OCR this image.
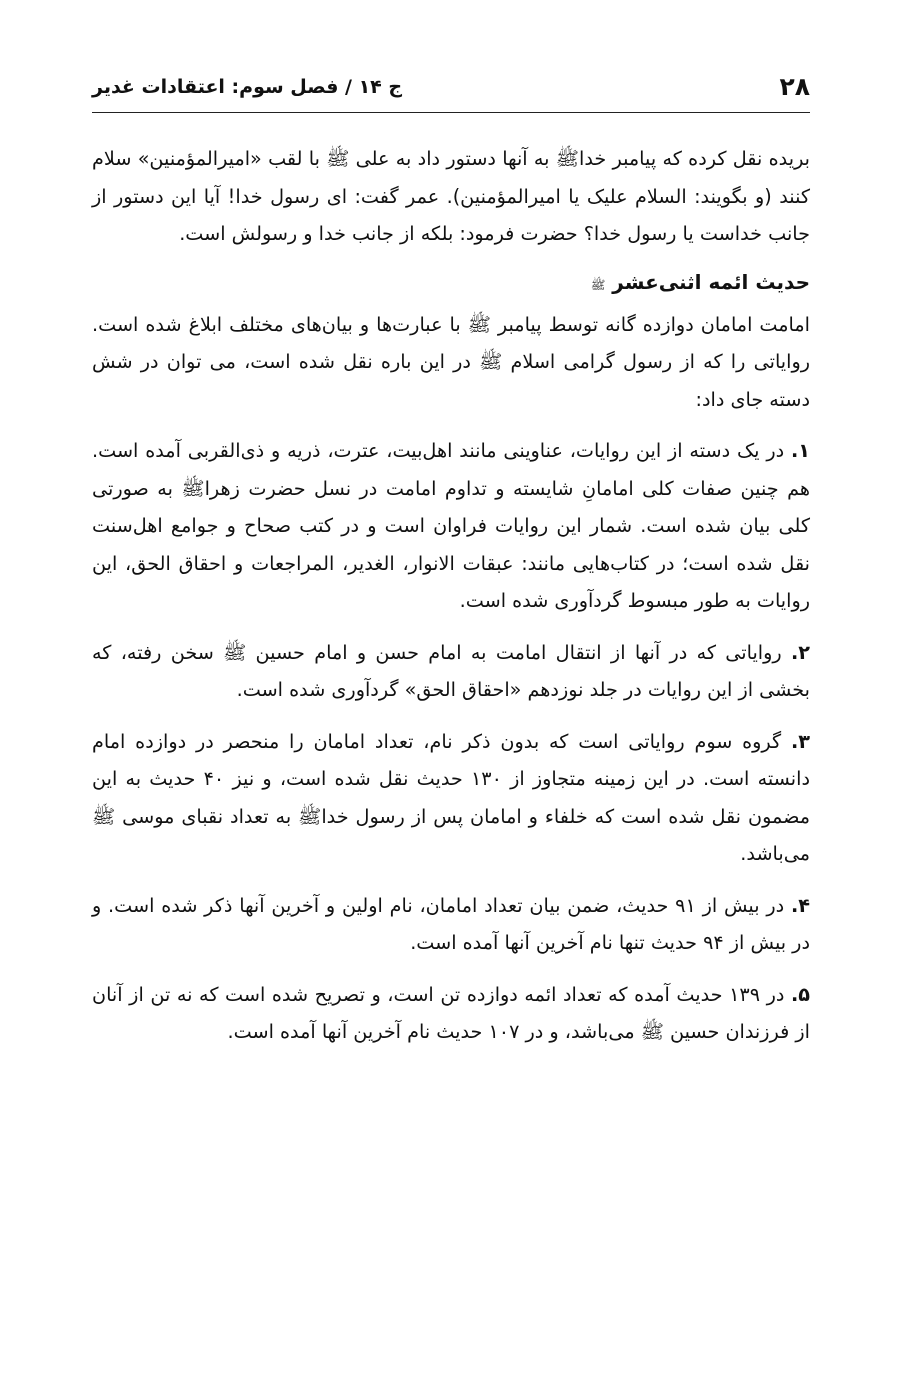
۲۸
ج ۱۴ / فصل سوم: اعتقادات غدیر

بریده نقل کرده که پیامبر خداﷺ به آنها دستور داد به علی ﷺ با لقب «امیرالمؤمنین» سلام کنند (و بگویند: السلام علیک یا امیرالمؤمنین). عمر گفت: ای رسول خدا! آیا این دستور از جانب خداست یا رسول خدا؟ حضرت فرمود: بلکه از جانب خدا و رسولش است.

حدیث ائمه اثنی‌عشر ﷺ

امامت امامان دوازده گانه توسط پیامبر ﷺ با عبارت‌ها و بیان‌های مختلف ابلاغ شده است. روایاتی را که از رسول گرامی اسلام ﷺ در این باره نقل شده است، می توان در شش دسته جای داد:

۱. در یک دسته از این روایات، عناوینی مانند اهل‌بیت، عترت، ذریه و ذی‌القربی آمده است. هم چنین صفات کلی امامانِ شایسته و تداوم امامت در نسل حضرت زهراﷺ به صورتی کلی بیان شده است. شمار این روایات فراوان است و در کتب صحاح و جوامع اهل‌سنت نقل شده است؛ در کتاب‌هایی مانند: عبقات الانوار، الغدیر، المراجعات و احقاق الحق، این روایات به طور مبسوط گردآوری شده است.

۲. روایاتی که در آنها از انتقال امامت به امام حسن و امام حسین ﷺ سخن رفته، که بخشی از این روایات در جلد نوزدهم «احقاق الحق» گردآوری شده است.

۳. گروه سوم روایاتی است که بدون ذکر نام، تعداد امامان را منحصر در دوازده امام دانسته است. در این زمینه متجاوز از ۱۳۰ حدیث نقل شده است، و نیز ۴۰ حدیث به این مضمون نقل شده است که خلفاء و امامان پس از رسول خداﷺ به تعداد نقبای موسی ﷺ می‌باشد.

۴. در بیش از ۹۱ حدیث، ضمن بیان تعداد امامان، نام اولین و آخرین آنها ذکر شده است. و در بیش از ۹۴ حدیث تنها نام آخرین آنها آمده است.

۵. در ۱۳۹ حدیث آمده که تعداد ائمه دوازده تن است، و تصریح شده است که نه تن از آنان از فرزندان حسین ﷺ می‌باشد، و در ۱۰۷ حدیث نام آخرین آنها آمده است.
